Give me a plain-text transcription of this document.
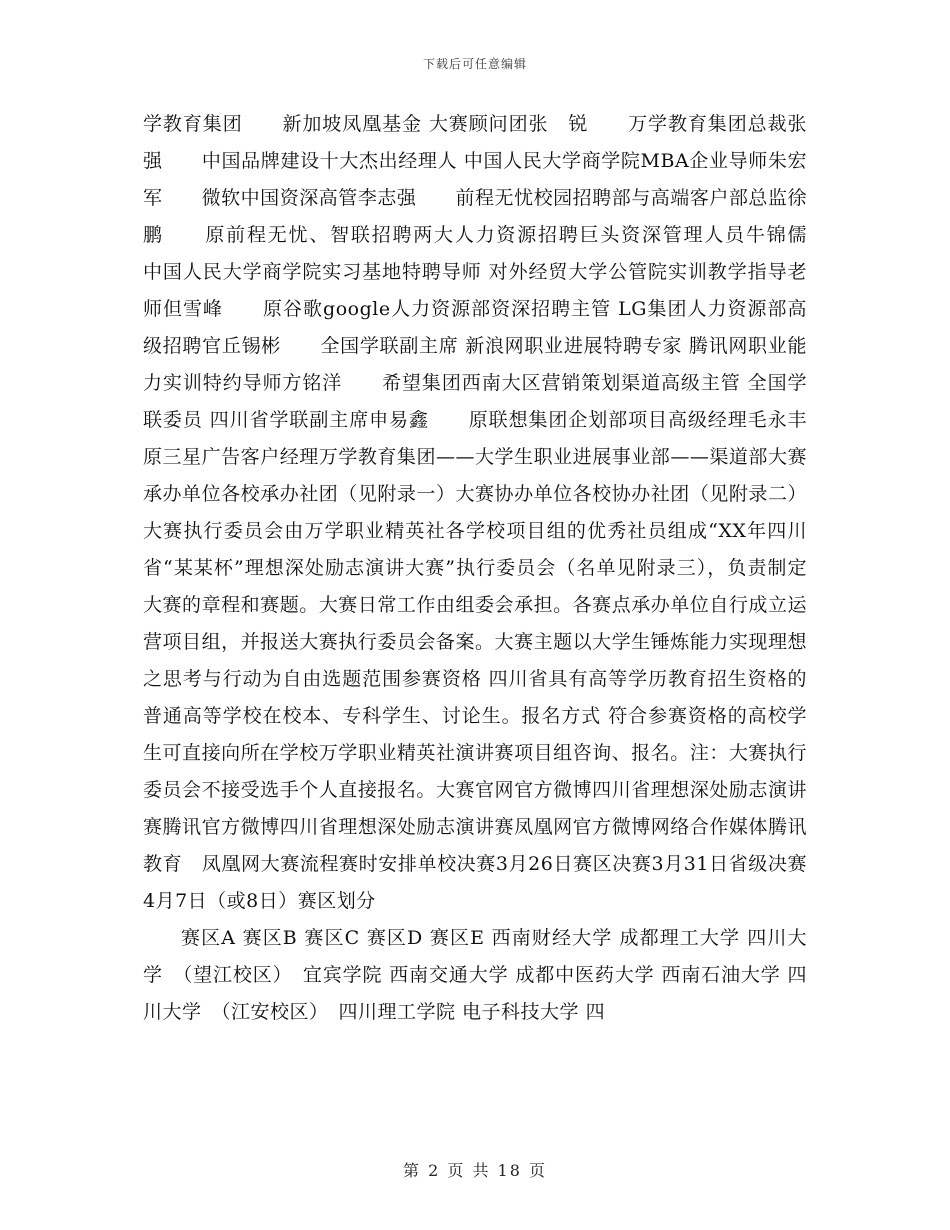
下载后可任意编辑

学教育集团　　新加坡凤凰基金 大赛顾问团张　锐　　万学教育集团总裁张　强　　中国品牌建设十大杰出经理人 中国人民大学商学院MBA企业导师朱宏军　　微软中国资深高管李志强　　前程无忧校园招聘部与高端客户部总监徐　鹏　　原前程无忧、智联招聘两大人力资源招聘巨头资深管理人员牛锦儒　　中国人民大学商学院实习基地特聘导师 对外经贸大学公管院实训教学指导老师但雪峰　　原谷歌google人力资源部资深招聘主管 LG集团人力资源部高级招聘官丘锡彬　　全国学联副主席 新浪网职业进展特聘专家 腾讯网职业能力实训特约导师方铭洋　　希望集团西南大区营销策划渠道高级主管 全国学联委员 四川省学联副主席申易鑫　　原联想集团企划部项目高级经理毛永丰　　原三星广告客户经理万学教育集团——大学生职业进展事业部——渠道部大赛承办单位各校承办社团（见附录一）大赛协办单位各校协办社团（见附录二）大赛执行委员会由万学职业精英社各学校项目组的优秀社员组成“XX年四川省“某某杯”理想深处励志演讲大赛”执行委员会（名单见附录三），负责制定大赛的章程和赛题。大赛日常工作由组委会承担。各赛点承办单位自行成立运营项目组，并报送大赛执行委员会备案。大赛主题以大学生锤炼能力实现理想之思考与行动为自由选题范围参赛资格 四川省具有高等学历教育招生资格的普通高等学校在校本、专科学生、讨论生。报名方式 符合参赛资格的高校学生可直接向所在学校万学职业精英社演讲赛项目组咨询、报名。注：大赛执行委员会不接受选手个人直接报名。大赛官网官方微博四川省理想深处励志演讲赛腾讯官方微博四川省理想深处励志演讲赛凤凰网官方微博网络合作媒体腾讯教育　凤凰网大赛流程赛时安排单校决赛3月26日赛区决赛3月31日省级决赛4月7日（或8日）赛区划分

赛区A 赛区B 赛区C 赛区D 赛区E 西南财经大学 成都理工大学 四川大学　（望江校区）　宜宾学院 西南交通大学 成都中医药大学 西南石油大学 四川大学　（江安校区）　四川理工学院 电子科技大学 四

第 2 页 共 18 页
